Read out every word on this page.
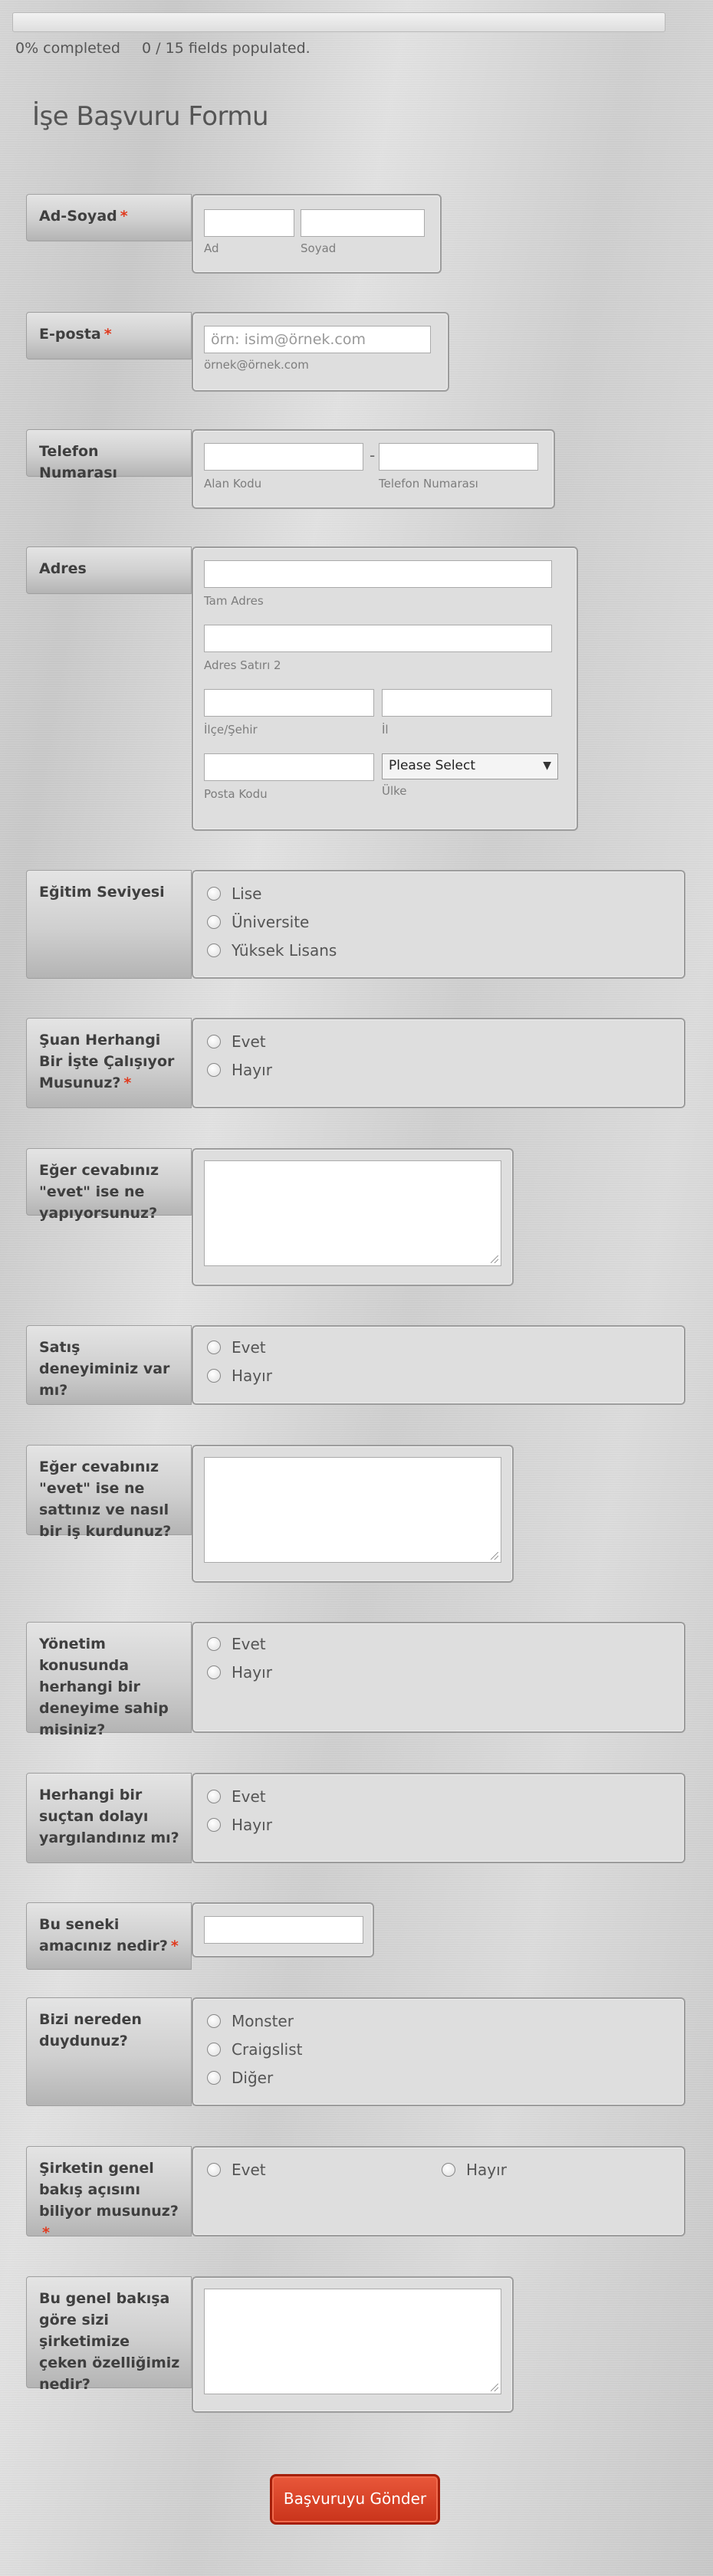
0% completed 0 / 15 fields populated.
İşe Başvuru Formu
Ad-Soyad *
Ad	Soyad
E-posta *	örn: isim@örnek.com
örnek@örnek.com
Telefon Numarası
-
Alan Kodu	Telefon Numarası
Adres
Tam Adres
Adres Satırı 2
İlçe/Şehir	İl
Please Select	▼
Posta Kodu	Ülke
Eğitim Seviyesi	Lise
Üniversite
Yüksek Lisans
Şuan Herhangi Bir İşte Çalışıyor Musunuz? *
Evet
Hayır
Eğer cevabınız "evet" ise ne yapıyorsunuz?
Satış deneyiminiz var mı?
Evet
Hayır
Eğer cevabınız "evet" ise ne sattınız ve nasıl bir iş kurdunuz?
Yönetim konusunda herhangi bir deneyime sahip misiniz?
Evet
Hayır
Herhangi bir suçtan dolayı yargılandınız mı?
Evet
Hayır
Bu seneki amacınız nedir? *
Bizi nereden duydunuz?
Monster
Craigslist
Diğer
Şirketin genel bakış açısını biliyor musunuz?*
Evet	Hayır
Bu genel bakışa göre sizi şirketimize çeken özelliğimiz nedir?
Başvuruyu Gönder
